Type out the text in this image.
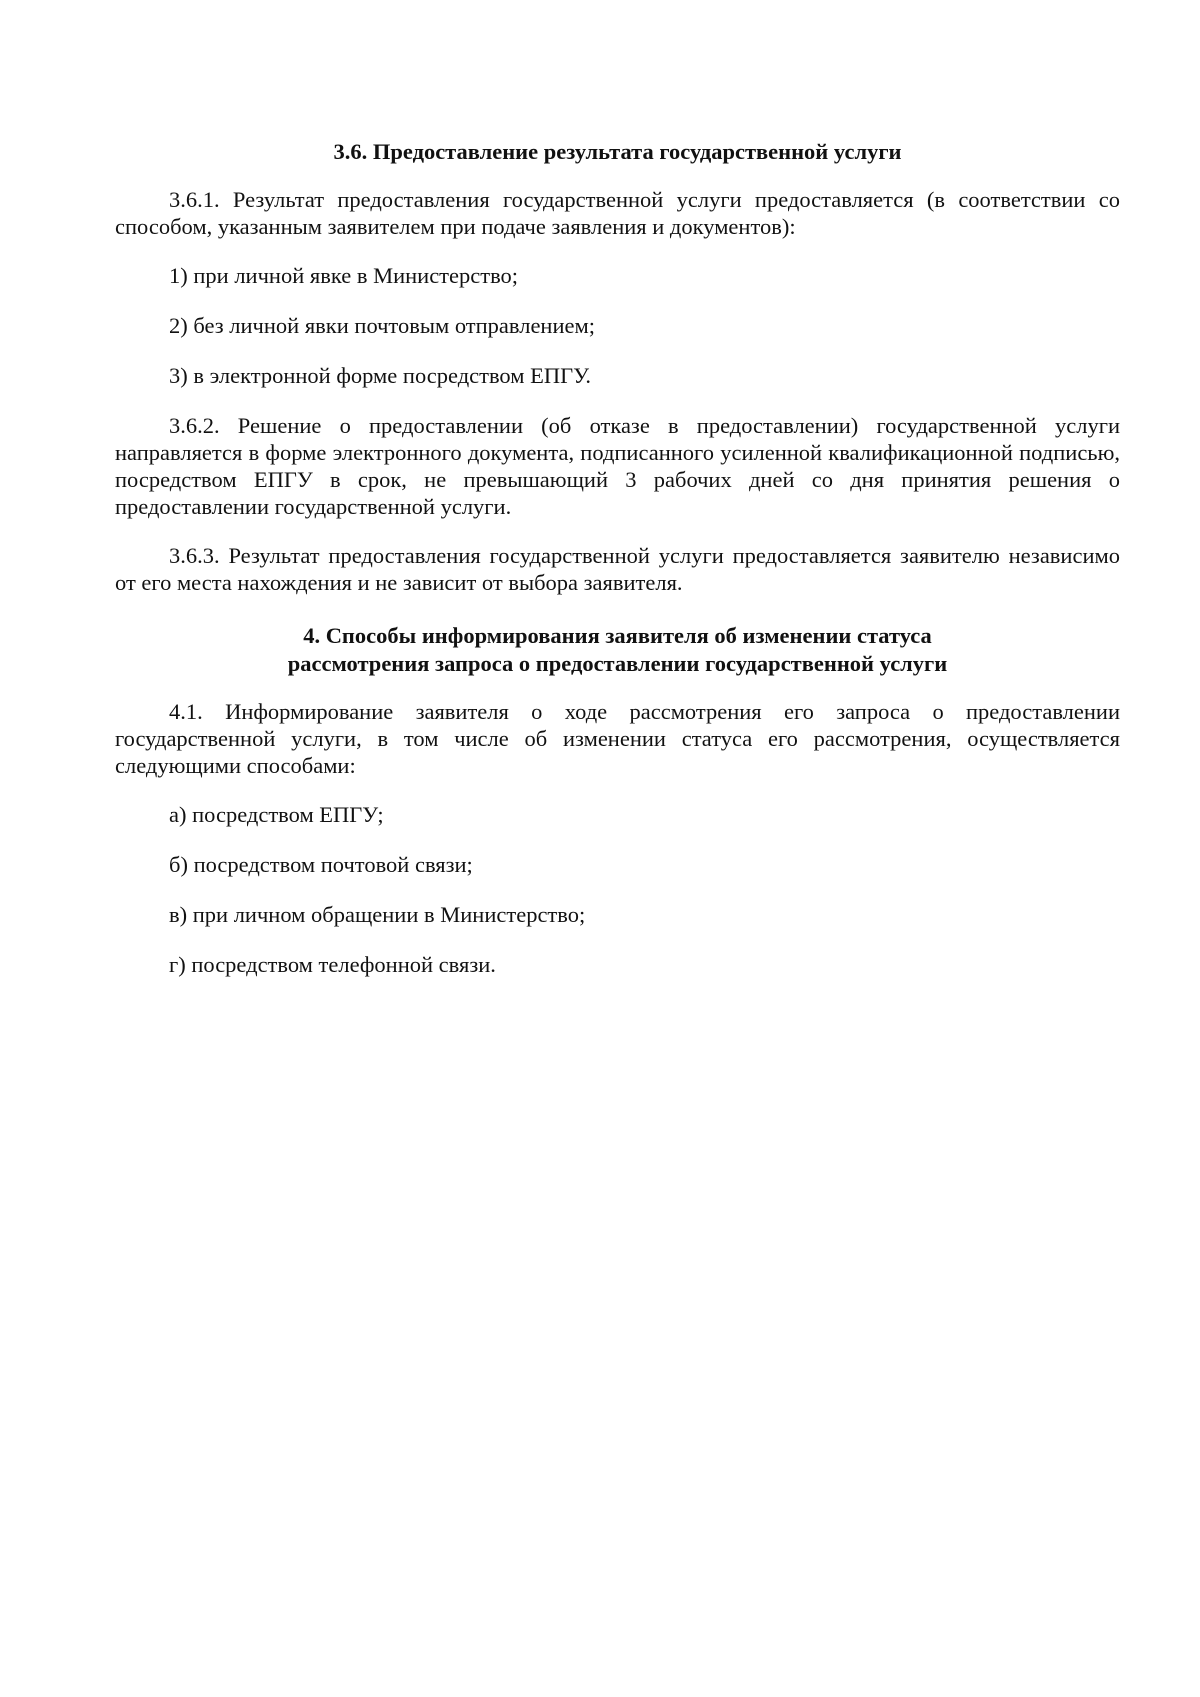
3.6. Предоставление результата государственной услуги

3.6.1. Результат предоставления государственной услуги предоставляется (в соответствии со способом, указанным заявителем при подаче заявления и документов):

1) при личной явке в Министерство;

2) без личной явки почтовым отправлением;

3) в электронной форме посредством ЕПГУ.

3.6.2. Решение о предоставлении (об отказе в предоставлении) государственной услуги направляется в форме электронного документа, подписанного усиленной квалификационной подписью, посредством ЕПГУ в срок, не превышающий 3 рабочих дней со дня принятия решения о предоставлении государственной услуги.

3.6.3. Результат предоставления государственной услуги предоставляется заявителю независимо от его места нахождения и не зависит от выбора заявителя.

4. Способы информирования заявителя об изменении статуса
рассмотрения запроса о предоставлении государственной услуги

4.1. Информирование заявителя о ходе рассмотрения его запроса о предоставлении государственной услуги, в том числе об изменении статуса его рассмотрения, осуществляется следующими способами:

а) посредством ЕПГУ;

б) посредством почтовой связи;

в) при личном обращении в Министерство;

г) посредством телефонной связи.
